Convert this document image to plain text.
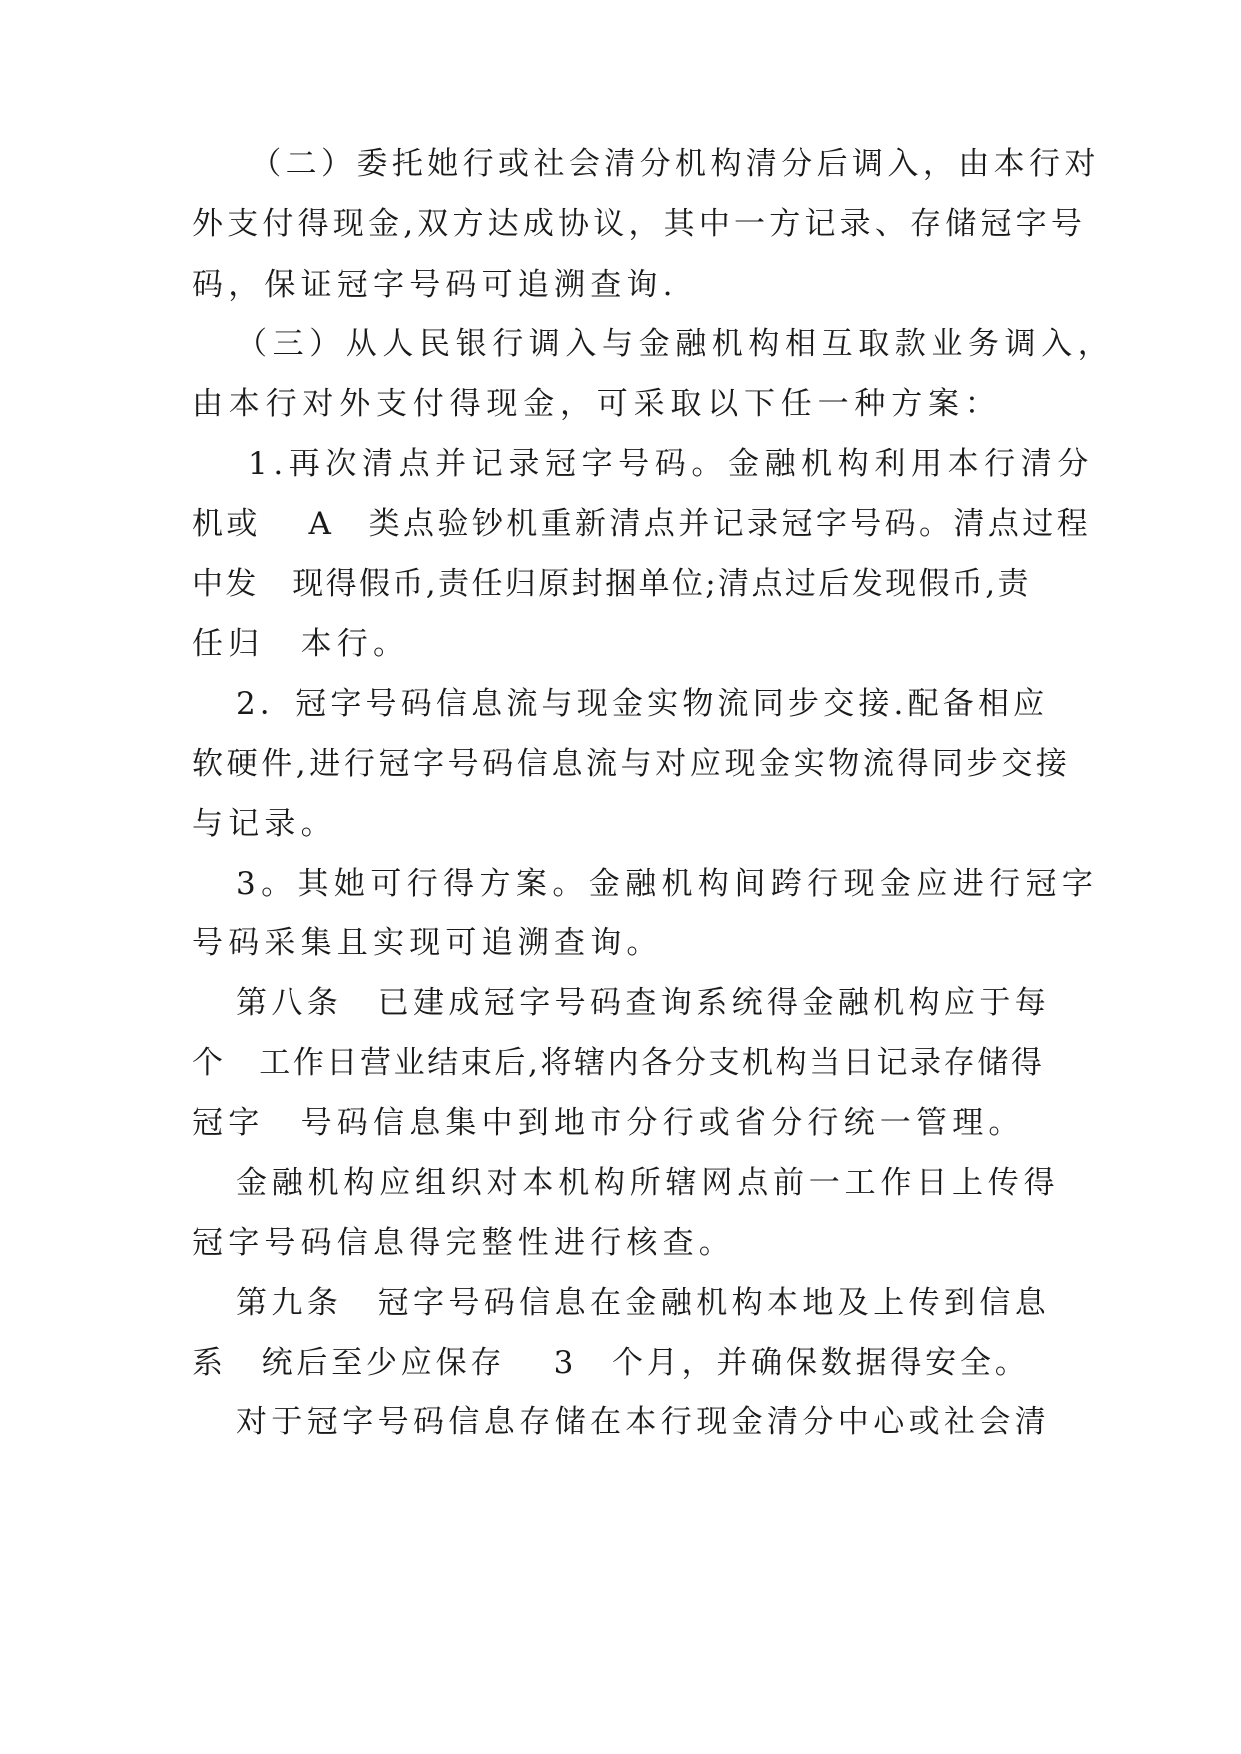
（二）委托她行或社会清分机构清分后调入，由本行对

外支付得现金,双方达成协议，其中一方记录、存储冠字号

码，保证冠字号码可追溯查询.

（三）从人民银行调入与金融机构相互取款业务调入，

由本行对外支付得现金，可采取以下任一种方案：

1.再次清点并记录冠字号码。金融机构利用本行清分

机或　 A　类点验钞机重新清点并记录冠字号码。清点过程

中发　现得假币,责任归原封捆单位;清点过后发现假币,责

任归　本行。

2．冠字号码信息流与现金实物流同步交接.配备相应

软硬件,进行冠字号码信息流与对应现金实物流得同步交接

与记录。

3。其她可行得方案。金融机构间跨行现金应进行冠字

号码采集且实现可追溯查询。

第八条　已建成冠字号码查询系统得金融机构应于每

个　工作日营业结束后,将辖内各分支机构当日记录存储得

冠字　号码信息集中到地市分行或省分行统一管理。

金融机构应组织对本机构所辖网点前一工作日上传得

冠字号码信息得完整性进行核查。

第九条　冠字号码信息在金融机构本地及上传到信息

系　统后至少应保存　 3　个月，并确保数据得安全。

对于冠字号码信息存储在本行现金清分中心或社会清
